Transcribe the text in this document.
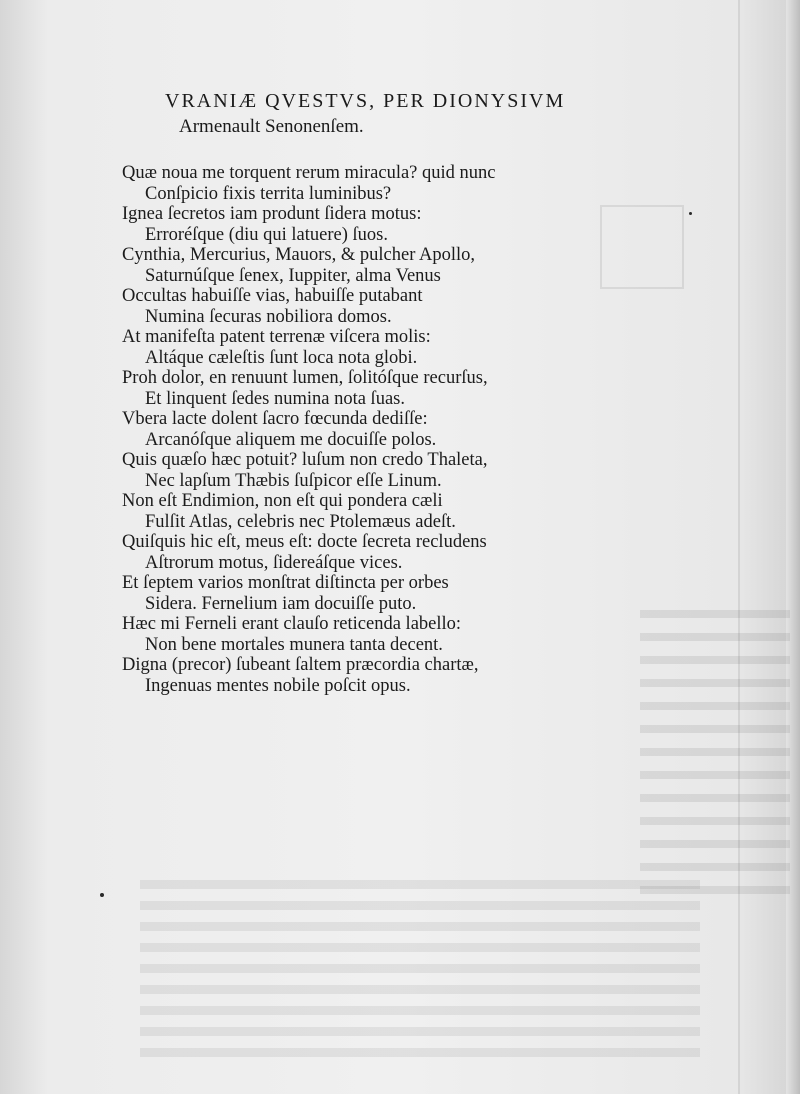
VRANIÆ QVESTVS, PER DIONYSIVM
Armenault Senonenſem.
Quæ noua me torquent rerum miracula? quid nunc
Conſpicio fixis territa luminibus?
Ignea ſecretos iam produnt ſidera motus:
Erroréſque (diu qui latuere) ſuos.
Cynthia, Mercurius, Mauors, & pulcher Apollo,
Saturnúſque ſenex, Iuppiter, alma Venus
Occultas habuiſſe vias, habuiſſe putabant
Numina ſecuras nobiliora domos.
At manifeſta patent terrenæ viſcera molis:
Altáque cæleſtis ſunt loca nota globi.
Proh dolor, en renuunt lumen, ſolitóſque recurſus,
Et linquent ſedes numina nota ſuas.
Vbera lacte dolent ſacro fœcunda dediſſe:
Arcanóſque aliquem me docuiſſe polos.
Quis quæſo hæc potuit? luſum non credo Thaleta,
Nec lapſum Thæbis ſuſpicor eſſe Linum.
Non eſt Endimion, non eſt qui pondera cæli
Fulſit Atlas, celebris nec Ptolemæus adeſt.
Quiſquis hic eſt, meus eſt: docte ſecreta recludens
Aſtrorum motus, ſidereáſque vices.
Et ſeptem varios monſtrat diſtincta per orbes
Sidera. Fernelium iam docuiſſe puto.
Hæc mi Ferneli erant clauſo reticenda labello:
Non bene mortales munera tanta decent.
Digna (precor) ſubeant ſaltem præcordia chartæ,
Ingenuas mentes nobile poſcit opus.
